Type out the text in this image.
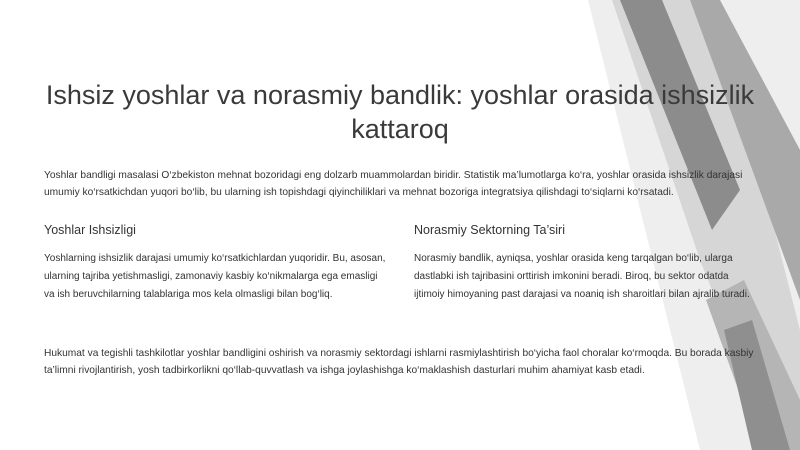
Ishsiz yoshlar va norasmiy bandlik: yoshlar orasida ishsizlik kattaroq

Yoshlar bandligi masalasi O‘zbekiston mehnat bozoridagi eng dolzarb muammolardan biridir. Statistik ma’lumotlarga ko‘ra, yoshlar orasida ishsizlik darajasi umumiy ko‘rsatkichdan yuqori bo‘lib, bu ularning ish topishdagi qiyinchiliklari va mehnat bozoriga integratsiya qilishdagi to‘siqlarni ko‘rsatadi.

Yoshlar Ishsizligi

Yoshlarning ishsizlik darajasi umumiy ko‘rsatkichlardan yuqoridir. Bu, asosan, ularning tajriba yetishmasligi, zamonaviy kasbiy ko‘nikmalarga ega emasligi va ish beruvchilarning talablariga mos kela olmasligi bilan bog‘liq.

Norasmiy Sektorning Ta’siri

Norasmiy bandlik, ayniqsa, yoshlar orasida keng tarqalgan bo‘lib, ularga dastlabki ish tajribasini orttirish imkonini beradi. Biroq, bu sektor odatda ijtimoiy himoyaning past darajasi va noaniq ish sharoitlari bilan ajralib turadi.

Hukumat va tegishli tashkilotlar yoshlar bandligini oshirish va norasmiy sektordagi ishlarni rasmiylashtirish bo‘yicha faol choralar ko‘rmoqda. Bu borada kasbiy ta’limni rivojlantirish, yosh tadbirkorlikni qo‘llab-quvvatlash va ishga joylashishga ko‘maklashish dasturlari muhim ahamiyat kasb etadi.
